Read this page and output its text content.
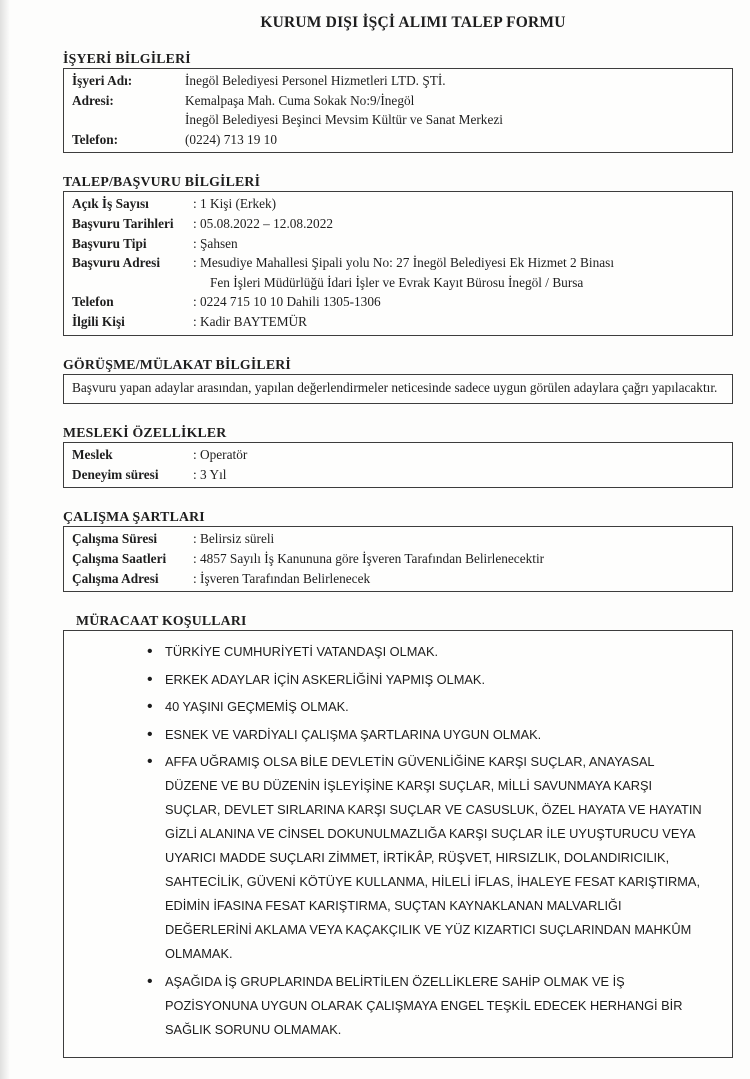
KURUM DIŞI İŞÇİ ALIMI TALEP FORMU
İŞYERİ BİLGİLERİ
İşyeri Adı:	İnegöl Belediyesi Personel Hizmetleri LTD. ŞTİ.
Adresi:	Kemalpaşa Mah. Cuma Sokak No:9/İnegöl
İnegöl Belediyesi Beşinci Mevsim Kültür ve Sanat Merkezi
Telefon:	(0224) 713 19 10
TALEP/BAŞVURU BİLGİLERİ
Açık İş Sayısı	: 1 Kişi (Erkek)
Başvuru Tarihleri	: 05.08.2022 – 12.08.2022
Başvuru Tipi	: Şahsen
Başvuru Adresi	: Mesudiye Mahallesi Şipali yolu No: 27 İnegöl Belediyesi Ek Hizmet 2 Binası
Fen İşleri Müdürlüğü İdari İşler ve Evrak Kayıt Bürosu İnegöl / Bursa
Telefon	: 0224 715 10 10 Dahili 1305-1306
İlgili Kişi	: Kadir BAYTEMÜR
GÖRÜŞME/MÜLAKAT BİLGİLERİ
Başvuru yapan adaylar arasından, yapılan değerlendirmeler neticesinde sadece uygun görülen adaylara çağrı yapılacaktır.
MESLEKİ ÖZELLİKLER
Meslek	: Operatör
Deneyim süresi	: 3 Yıl
ÇALIŞMA ŞARTLARI
Çalışma Süresi	: Belirsiz süreli
Çalışma Saatleri	: 4857 Sayılı İş Kanununa göre İşveren Tarafından Belirlenecektir
Çalışma Adresi	: İşveren Tarafından Belirlenecek
MÜRACAAT KOŞULLARI
• TÜRKİYE CUMHURİYETİ VATANDAŞI OLMAK.
• ERKEK ADAYLAR İÇİN ASKERLİĞİNİ YAPMIŞ OLMAK.
• 40 YAŞINI GEÇMEMİŞ OLMAK.
• ESNEK VE VARDİYALI ÇALIŞMA ŞARTLARINA UYGUN OLMAK.
• AFFA UĞRAMIŞ OLSA BİLE DEVLETİN GÜVENLİĞİNE KARŞI SUÇLAR, ANAYASAL DÜZENE VE BU DÜZENİN İŞLEYİŞİNE KARŞI SUÇLAR, MİLLİ SAVUNMAYA KARŞI SUÇLAR, DEVLET SIRLARINA KARŞI SUÇLAR VE CASUSLUK, ÖZEL HAYATA VE HAYATIN GİZLİ ALANINA VE CİNSEL DOKUNULMAZLIĞA KARŞI SUÇLAR İLE UYUŞTURUCU VEYA UYARICI MADDE SUÇLARI ZİMMET, İRTİKÂP, RÜŞVET, HIRSIZLIK, DOLANDIRICILIK, SAHTECİLİK, GÜVENİ KÖTÜYE KULLANMA, HİLELİ İFLAS, İHALEYE FESAT KARIŞTIRMA, EDİMİN İFASINA FESAT KARIŞTIRMA, SUÇTAN KAYNAKLANAN MALVARLIĞI DEĞERLERİNİ AKLAMA VEYA KAÇAKÇILIK VE YÜZ KIZARTICI SUÇLARINDAN MAHKÛM OLMAMAK.
• AŞAĞIDA İŞ GRUPLARINDA BELİRTİLEN ÖZELLİKLERE SAHİP OLMAK VE İŞ POZİSYONUNA UYGUN OLARAK ÇALIŞMAYA ENGEL TEŞKİL EDECEK HERHANGİ BİR SAĞLIK SORUNU OLMAMAK.
